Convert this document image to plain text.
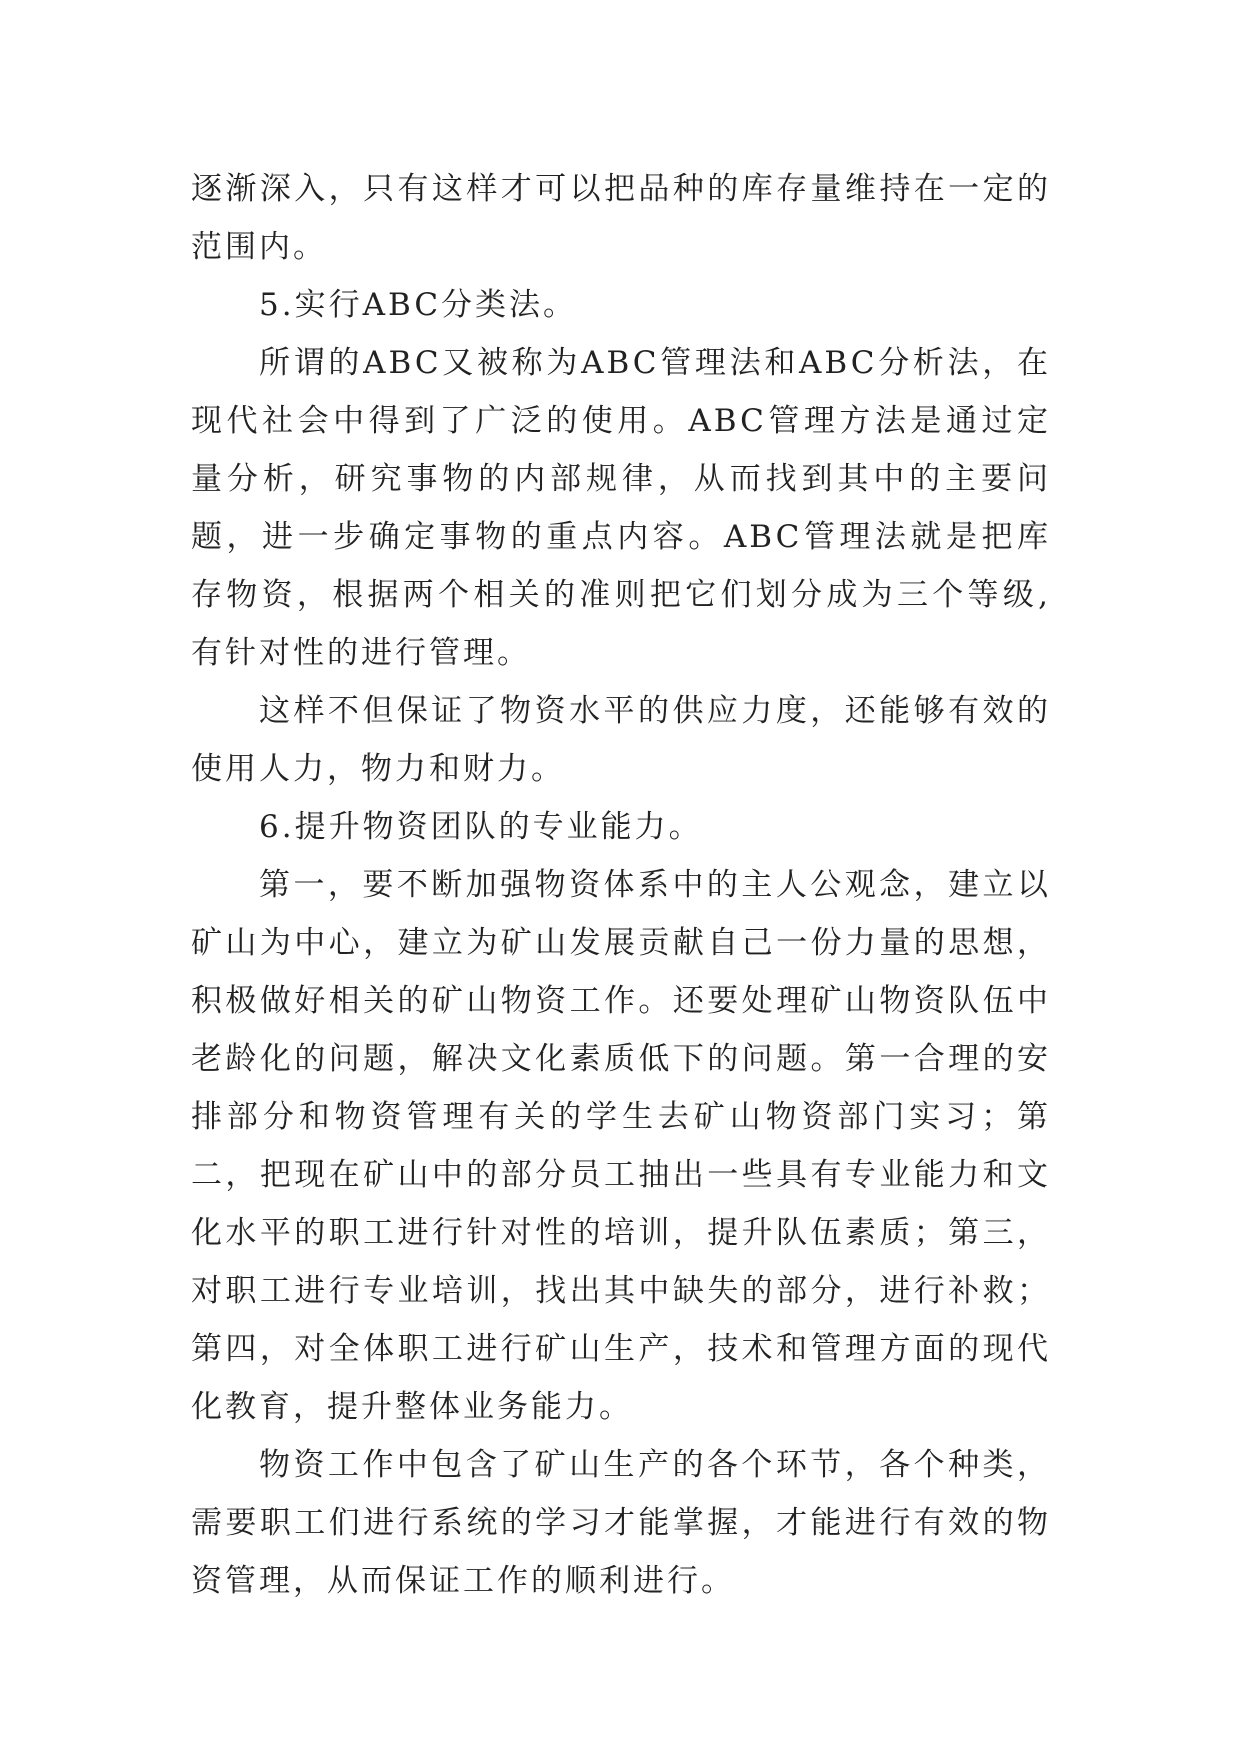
逐渐深入，只有这样才可以把品种的库存量维持在一定的范围内。

5.实行ABC分类法。

所谓的ABC又被称为ABC管理法和ABC分析法，在现代社会中得到了广泛的使用。ABC管理方法是通过定量分析，研究事物的内部规律，从而找到其中的主要问题，进一步确定事物的重点内容。ABC管理法就是把库存物资，根据两个相关的准则把它们划分成为三个等级,有针对性的进行管理。

这样不但保证了物资水平的供应力度，还能够有效的使用人力，物力和财力。

6.提升物资团队的专业能力。

第一，要不断加强物资体系中的主人公观念，建立以矿山为中心，建立为矿山发展贡献自己一份力量的思想，积极做好相关的矿山物资工作。还要处理矿山物资队伍中老龄化的问题，解决文化素质低下的问题。第一合理的安排部分和物资管理有关的学生去矿山物资部门实习；第二，把现在矿山中的部分员工抽出一些具有专业能力和文化水平的职工进行针对性的培训，提升队伍素质；第三，对职工进行专业培训，找出其中缺失的部分，进行补救；第四，对全体职工进行矿山生产，技术和管理方面的现代化教育，提升整体业务能力。

物资工作中包含了矿山生产的各个环节，各个种类，需要职工们进行系统的学习才能掌握，才能进行有效的物资管理，从而保证工作的顺利进行。
